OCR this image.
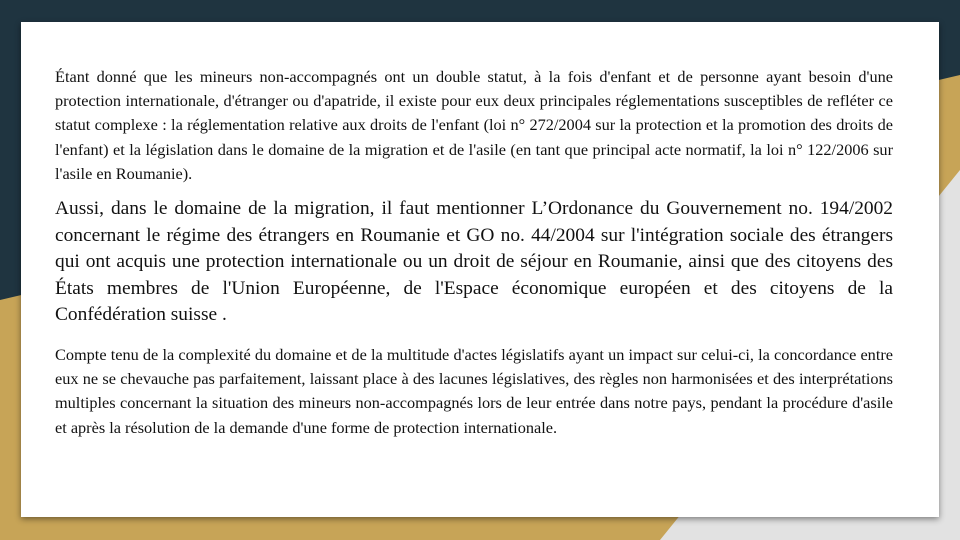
Étant donné que les mineurs non-accompagnés ont un double statut, à la fois d'enfant et de personne ayant besoin d'une protection internationale, d'étranger ou d'apatride, il existe pour eux deux principales réglementations susceptibles de refléter ce statut complexe : la réglementation relative aux droits de l'enfant (loi n° 272/2004 sur la protection et la promotion des droits de l'enfant) et la législation dans le domaine de la migration et de l'asile (en tant que principal acte normatif, la loi n° 122/2006 sur l'asile en Roumanie).

Aussi, dans le domaine de la migration, il faut mentionner L’Ordonance du Gouvernement no. 194/2002 concernant le régime des étrangers en Roumanie et GO no. 44/2004 sur l'intégration sociale des étrangers qui ont acquis une protection internationale ou un droit de séjour en Roumanie, ainsi que des citoyens des États membres de l'Union Européenne, de l'Espace économique européen et des citoyens de la Confédération suisse .

Compte tenu de la complexité du domaine et de la multitude d'actes législatifs ayant un impact sur celui-ci, la concordance entre eux ne se chevauche pas parfaitement, laissant place à des lacunes législatives, des règles non harmonisées et des interprétations multiples concernant la situation des mineurs non-accompagnés lors de leur entrée dans notre pays, pendant la procédure d'asile et après la résolution de la demande d'une forme de protection internationale.
